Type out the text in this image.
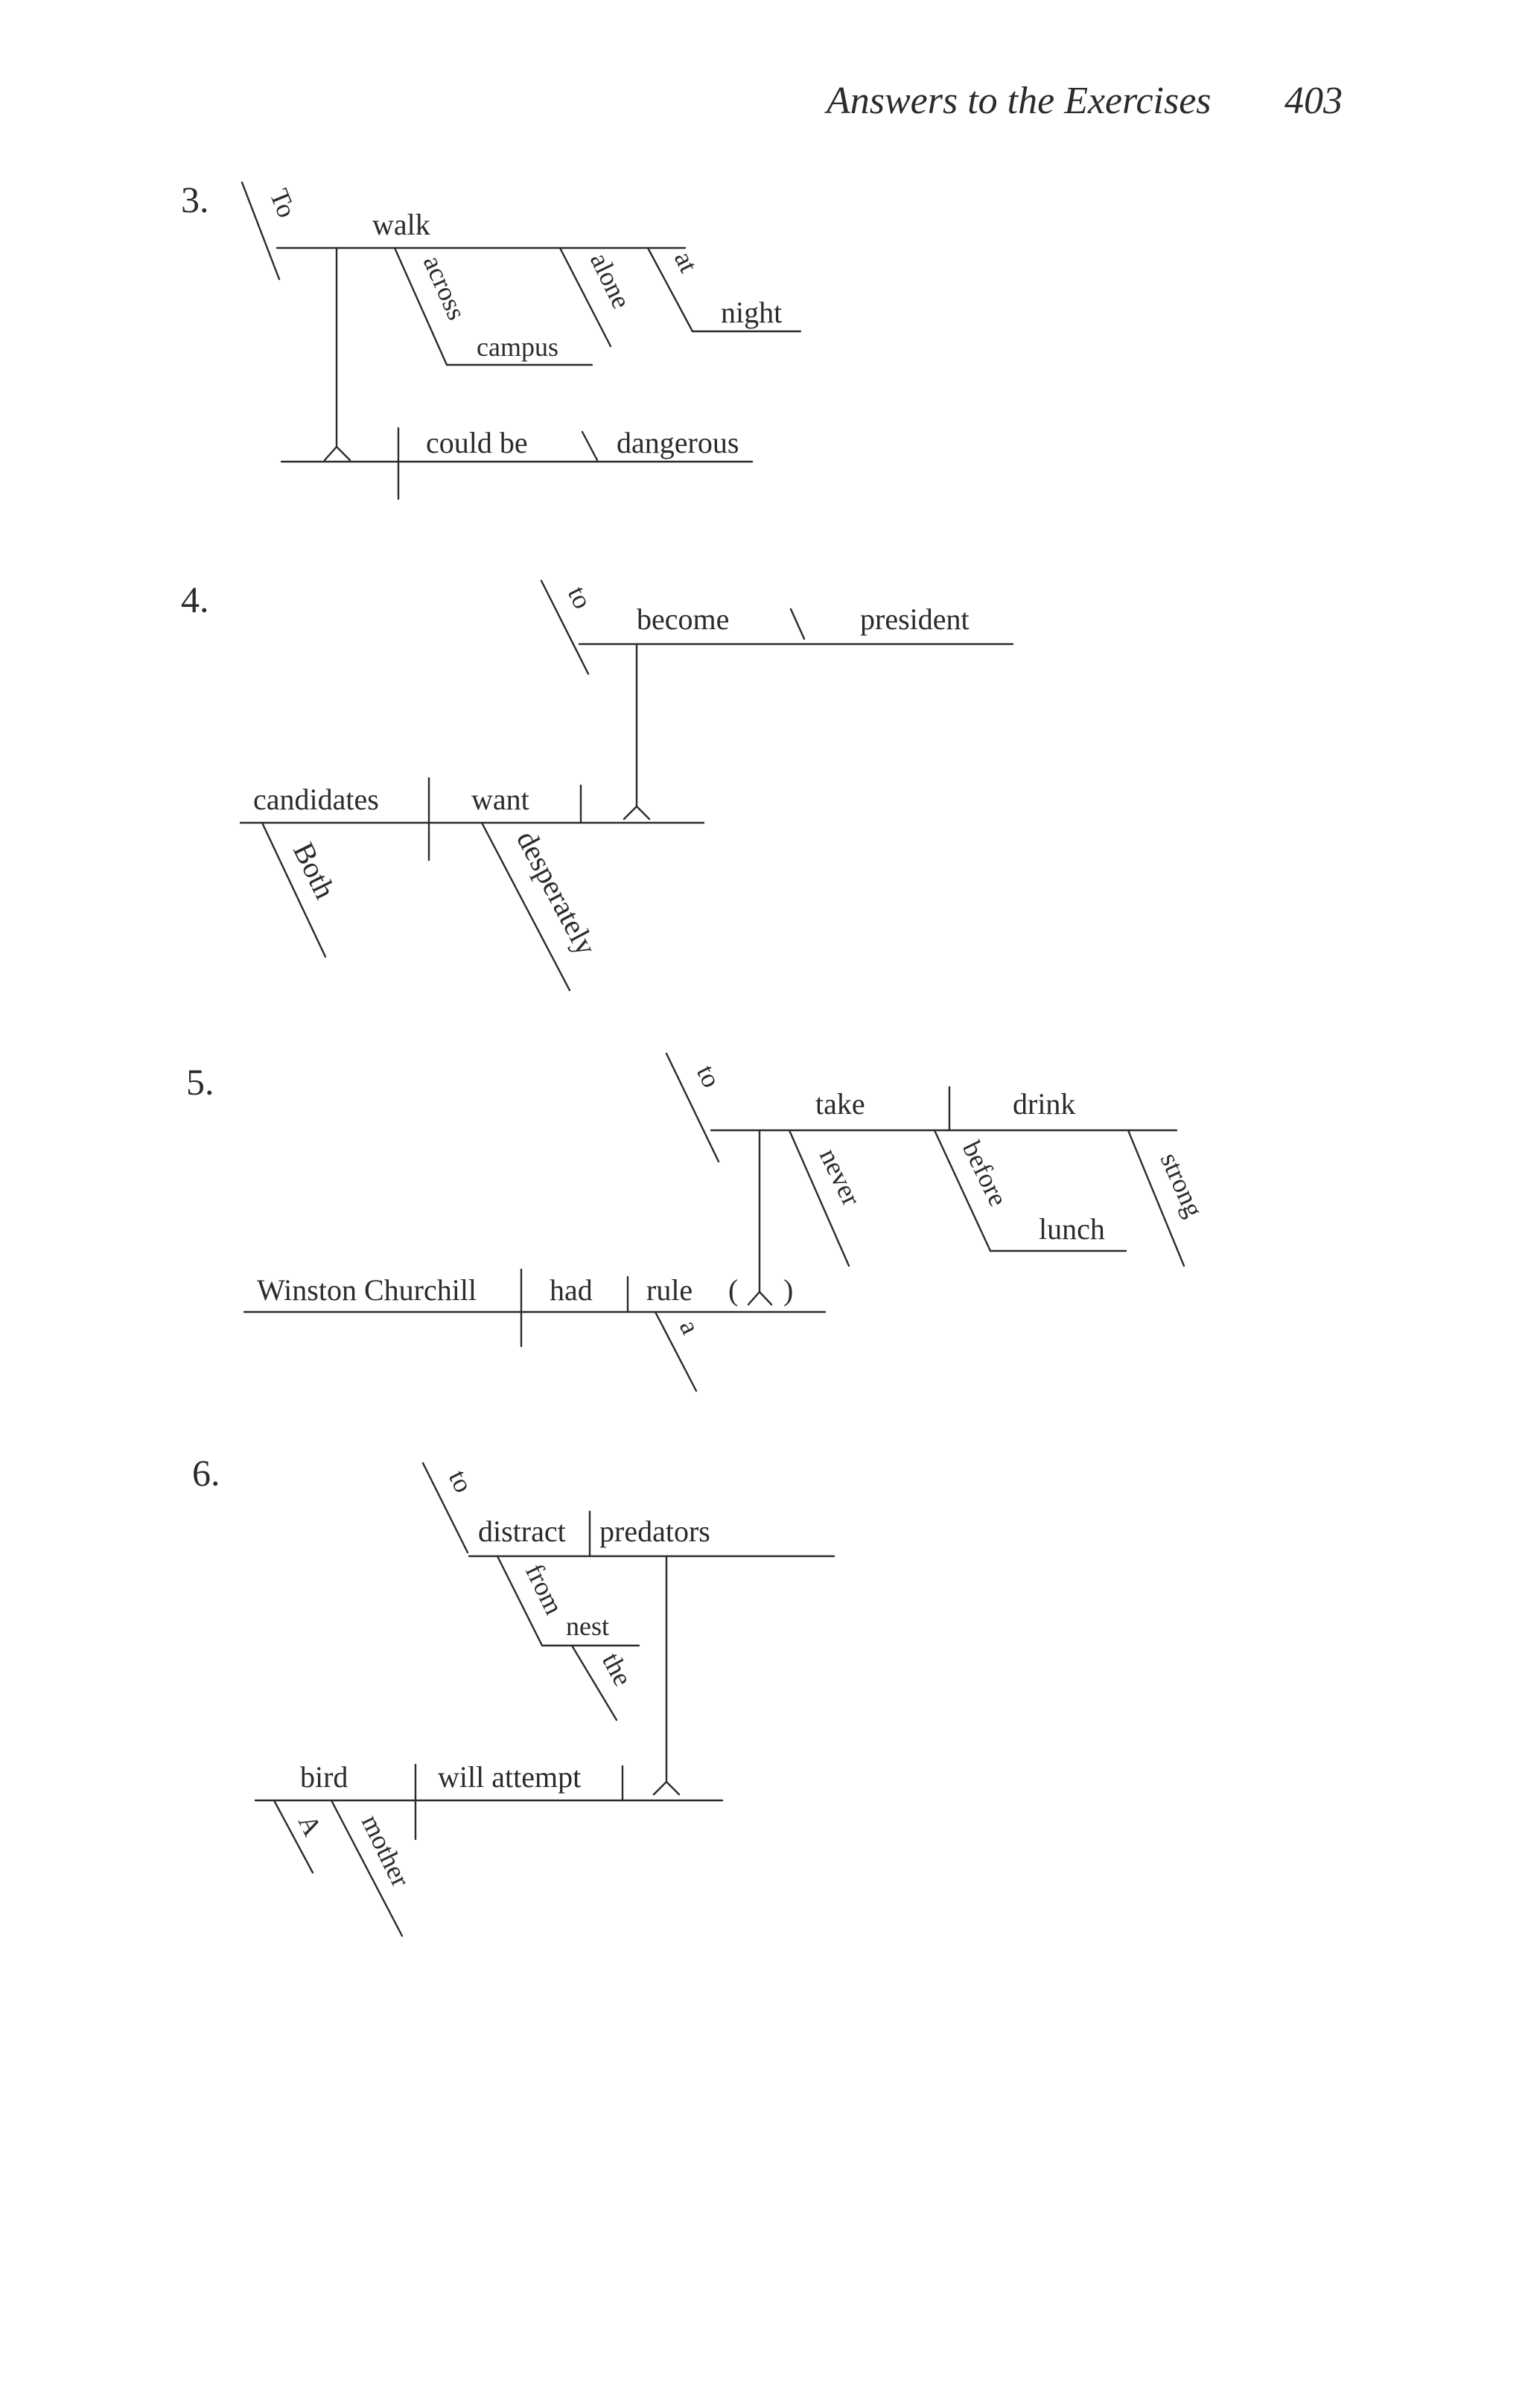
Answers to the Exercises 403
3. To
walk
across
campus
alone at
night
could be	dangerous
4.	to
become	president
candidates	want
Both	desperately
5.	to
take	drink
never	before
lunch
strong
( )
Winston Churchill had rule
a
6.	to
distract predators
from
nest
the
bird	will attempt
A mother
